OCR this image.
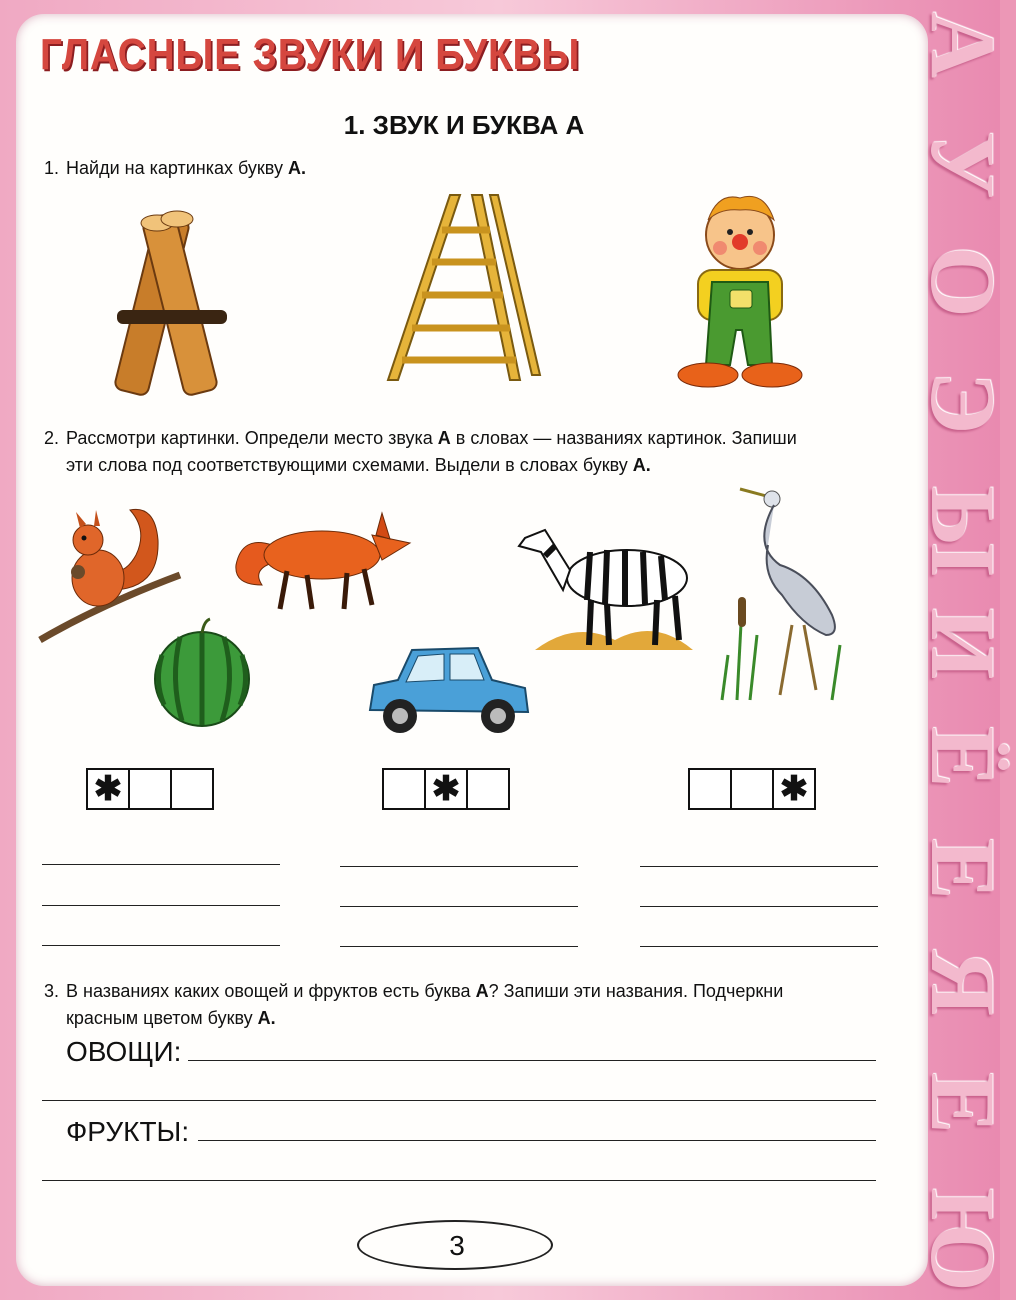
А
У
О
Э
Ы
И
Ё
Е
Я
Е
Ю
ГЛАСНЫЕ ЗВУКИ И БУКВЫ
1. ЗВУК И БУКВА А
1. Найди на картинках букву А.
2. Рассмотри картинки. Определи место звука А в словах — названиях картинок. Запиши
эти слова под соответствующими схемами. Выдели в словах букву А.
✱	✱	✱
3. В названиях каких овощей и фруктов есть буква А? Запиши эти названия. Подчеркни
красным цветом букву А.
ОВОЩИ:
ФРУКТЫ:
3
